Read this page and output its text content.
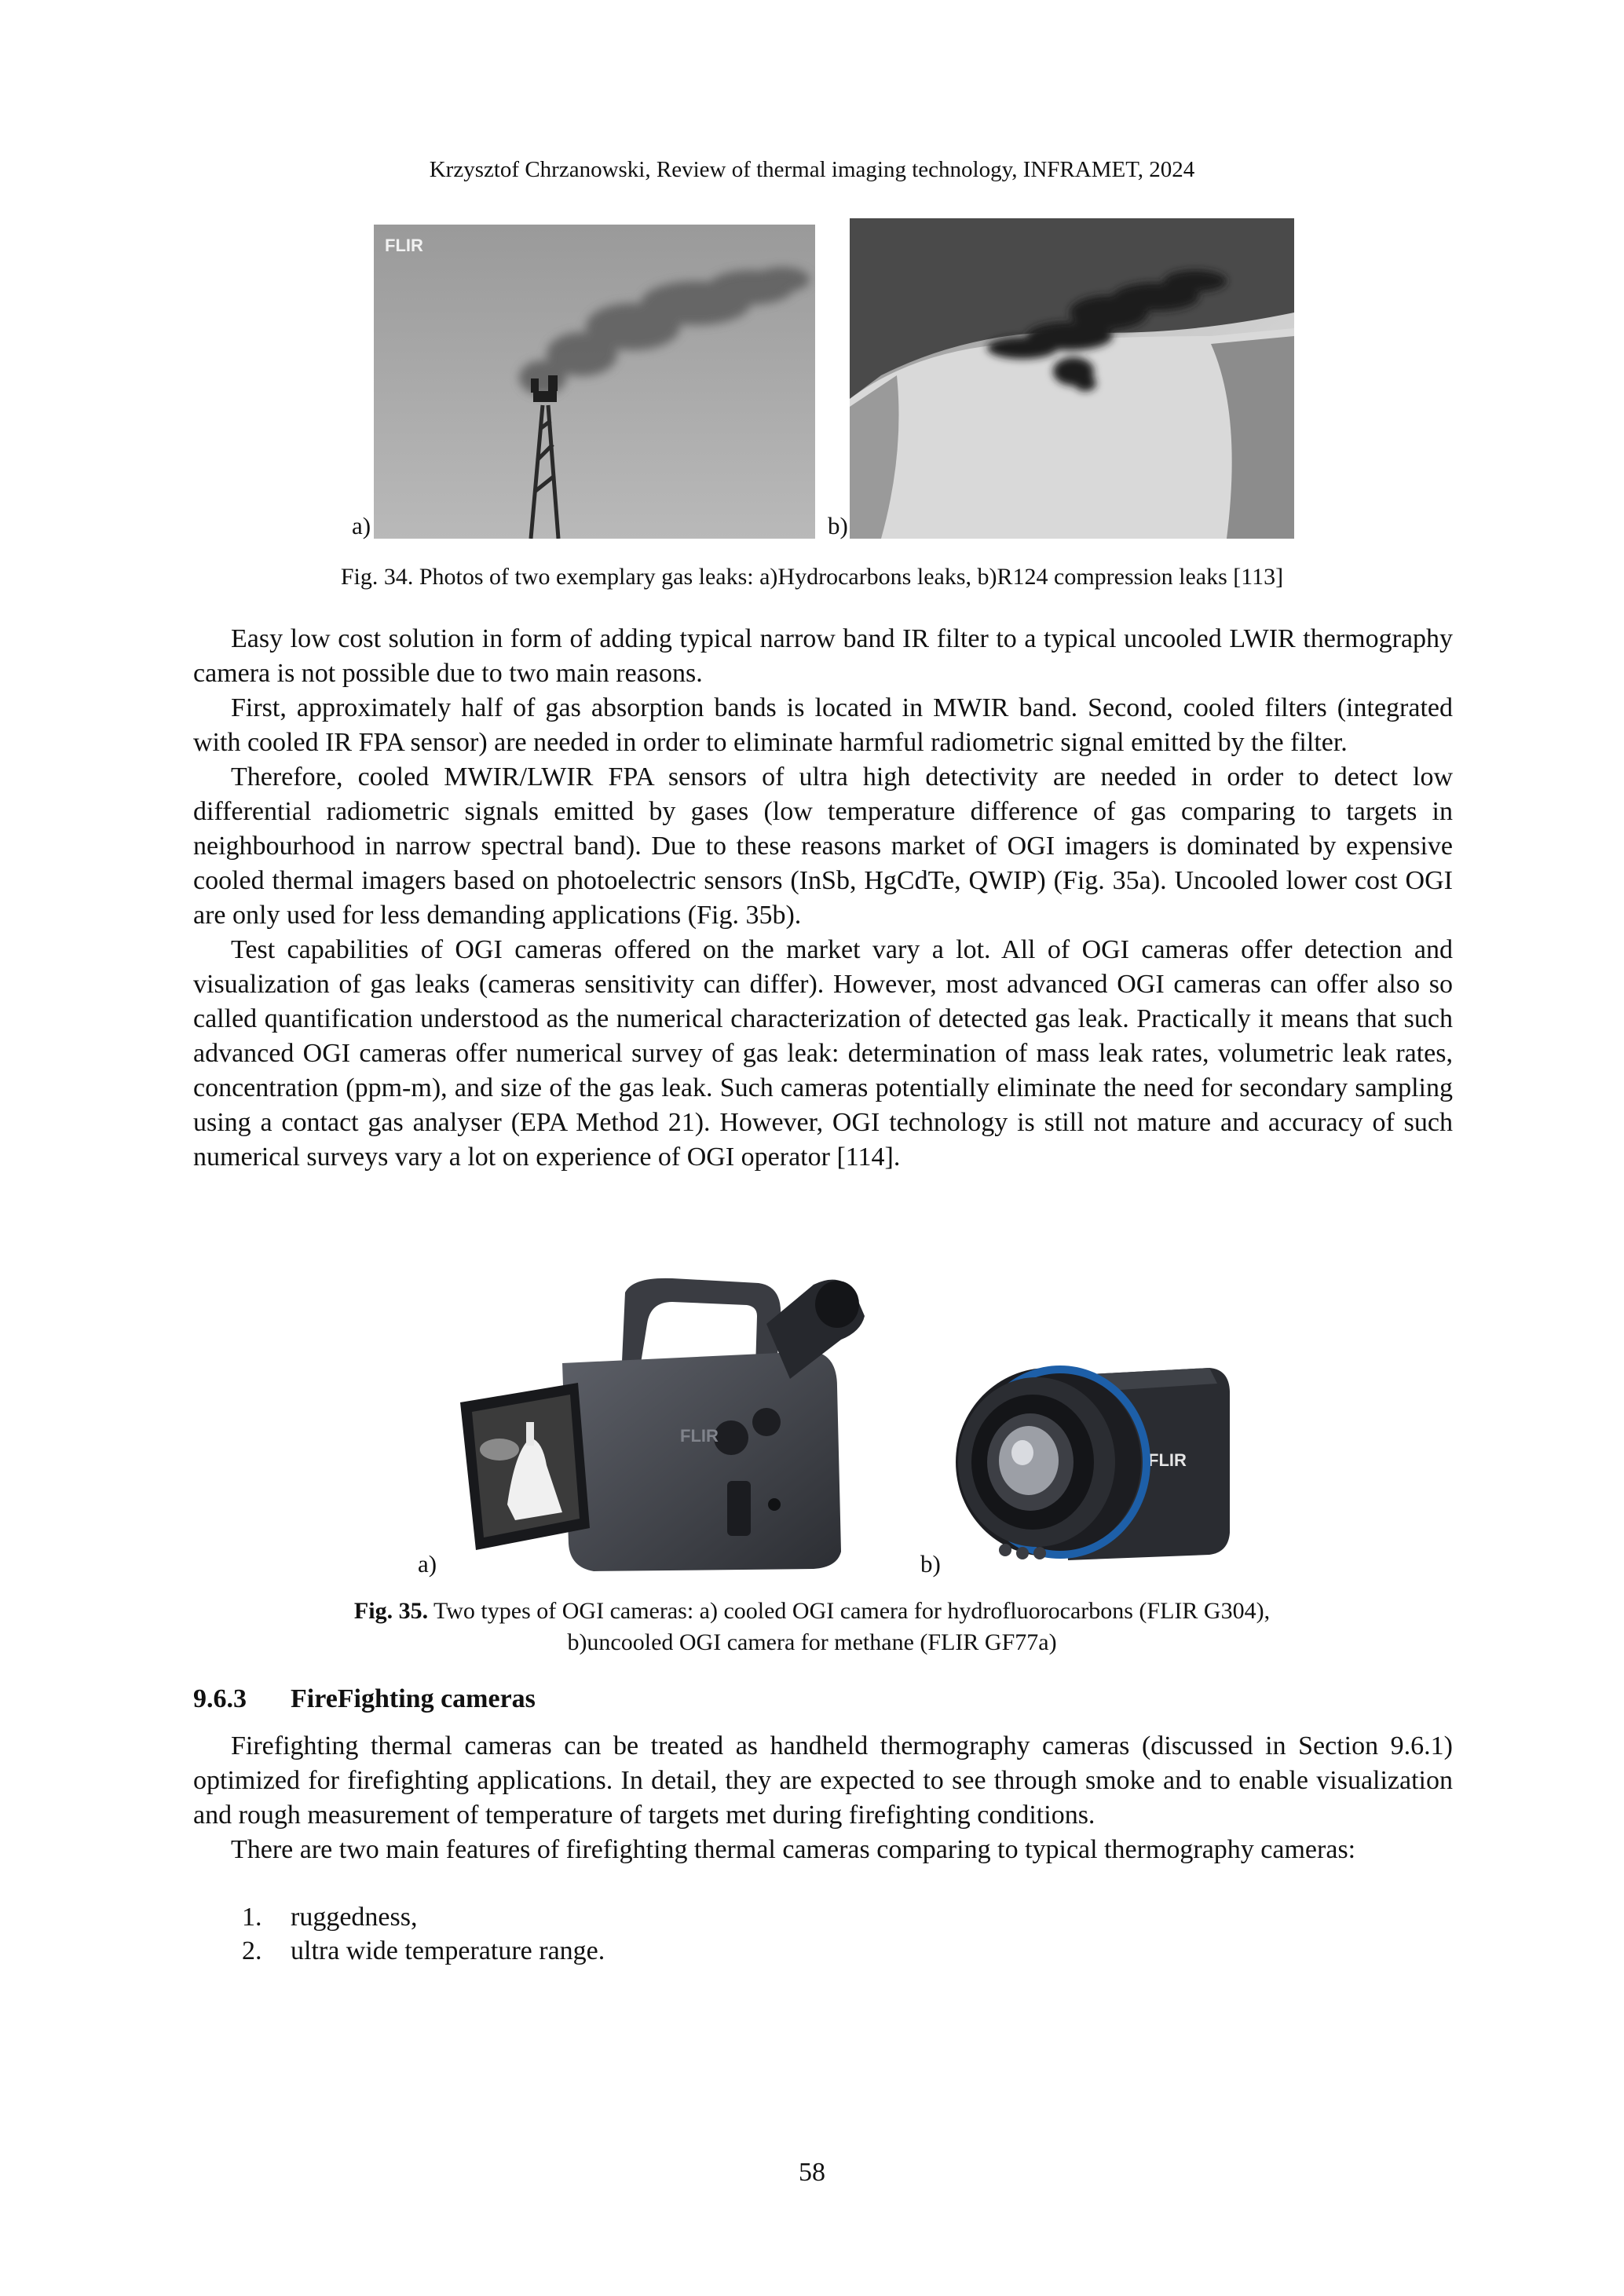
Krzysztof Chrzanowski, Review of thermal imaging technology, INFRAMET, 2024
FLIR
a)	b)
Fig. 34. Photos of two exemplary gas leaks: a)Hydrocarbons leaks, b)R124 compression leaks [113]

Easy low cost solution in form of adding typical narrow band IR filter to a typical uncooled LWIR thermography camera is not possible due to two main reasons.

First, approximately half of gas absorption bands is located in MWIR band. Second, cooled filters (integrated with cooled IR FPA sensor) are needed in order to eliminate harmful radiometric signal emitted by the filter.

Therefore, cooled MWIR/LWIR FPA sensors of ultra high detectivity are needed in order to detect low differential radiometric signals emitted by gases (low temperature difference of gas comparing to targets in neighbourhood in narrow spectral band). Due to these reasons market of OGI imagers is dominated by expensive cooled thermal imagers based on photoelectric sensors (InSb, HgCdTe, QWIP) (Fig. 35a). Uncooled lower cost OGI are only used for less demanding applications (Fig. 35b).

Test capabilities of OGI cameras offered on the market vary a lot. All of OGI cameras offer detection and visualization of gas leaks (cameras sensitivity can differ). However, most advanced OGI cameras can offer also so called quantification understood as the numerical characterization of detected gas leak. Practically it means that such advanced OGI cameras offer numerical survey of gas leak: determination of mass leak rates, volumetric leak rates, concentration (ppm-m), and size of the gas leak. Such cameras potentially eliminate the need for secondary sampling using a contact gas analyser (EPA Method 21). However, OGI technology is still not mature and accuracy of such numerical surveys vary a lot on experience of OGI operator [114].

FLIR
a)
FLIR
b)
Fig. 35. Two types of OGI cameras: a) cooled OGI camera for hydrofluorocarbons (FLIR G304),
b)uncooled OGI camera for methane (FLIR GF77a)
9.6.3 FireFighting cameras

Firefighting thermal cameras can be treated as handheld thermography cameras (discussed in Section 9.6.1) optimized for firefighting applications. In detail, they are expected to see through smoke and to enable visualization and rough measurement of temperature of targets met during firefighting conditions.

There are two main features of firefighting thermal cameras comparing to typical thermography cameras:

1. ruggedness,
2. ultra wide temperature range.
58
